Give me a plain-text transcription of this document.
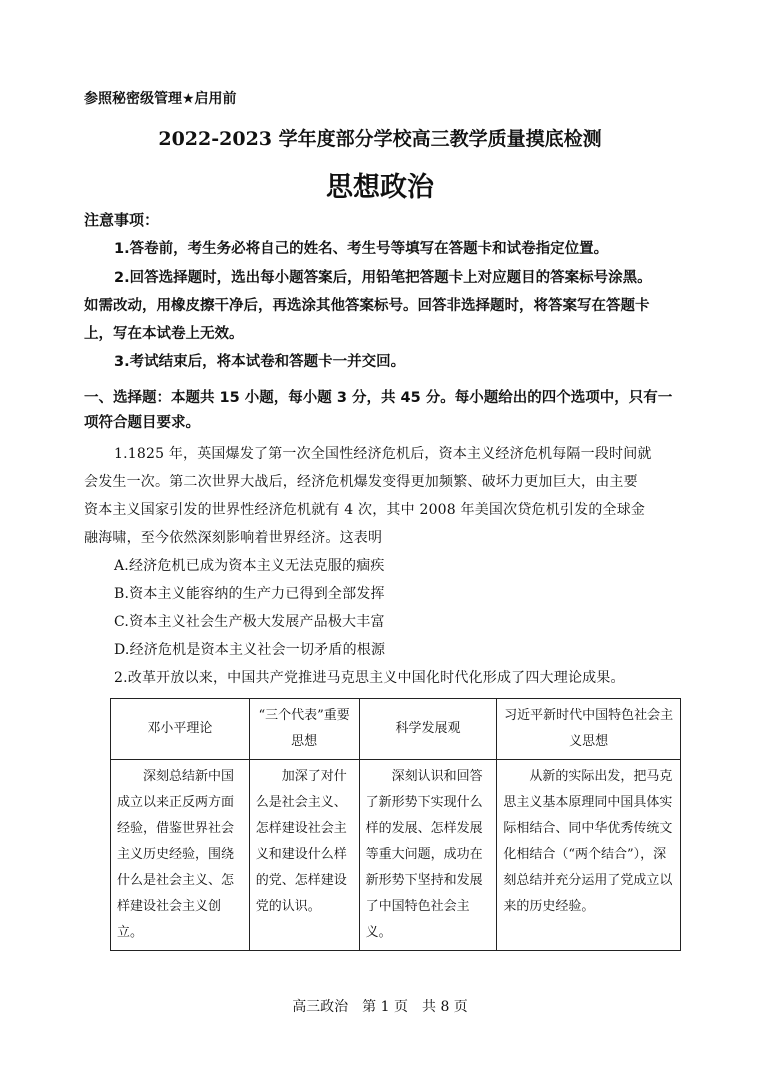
参照秘密级管理★启用前
2022-2023 学年度部分学校高三教学质量摸底检测
思想政治
注意事项：
1.答卷前，考生务必将自己的姓名、考生号等填写在答题卡和试卷指定位置。
2.回答选择题时，选出每小题答案后，用铅笔把答题卡上对应题目的答案标号涂黑。
如需改动，用橡皮擦干净后，再选涂其他答案标号。回答非选择题时，将答案写在答题卡
上，写在本试卷上无效。
3.考试结束后，将本试卷和答题卡一并交回。
一、选择题：本题共 15 小题，每小题 3 分，共 45 分。每小题给出的四个选项中，只有一项符合题目要求。
1.1825 年，英国爆发了第一次全国性经济危机后，资本主义经济危机每隔一段时间就
会发生一次。第二次世界大战后，经济危机爆发变得更加频繁、破坏力更加巨大，由主要
资本主义国家引发的世界性经济危机就有 4 次，其中 2008 年美国次贷危机引发的全球金
融海啸，至今依然深刻影响着世界经济。这表明
A.经济危机已成为资本主义无法克服的痼疾
B.资本主义能容纳的生产力已得到全部发挥
C.资本主义社会生产极大发展产品极大丰富
D.经济危机是资本主义社会一切矛盾的根源
2.改革开放以来，中国共产党推进马克思主义中国化时代化形成了四大理论成果。
邓小平理论	“三个代表”重要思想	科学发展观	习近平新时代中国特色社会主义思想
深刻总结新中国成立以来正反两方面经验，借鉴世界社会主义历史经验，围绕什么是社会主义、怎样建设社会主义创立。	加深了对什么是社会主义、怎样建设社会主义和建设什么样的党、怎样建设党的认识。	深刻认识和回答了新形势下实现什么样的发展、怎样发展等重大问题，成功在新形势下坚持和发展了中国特色社会主义。	从新的实际出发，把马克思主义基本原理同中国具体实际相结合、同中华优秀传统文化相结合（“两个结合”），深刻总结并充分运用了党成立以来的历史经验。
高三政治　第 1 页　共 8 页
